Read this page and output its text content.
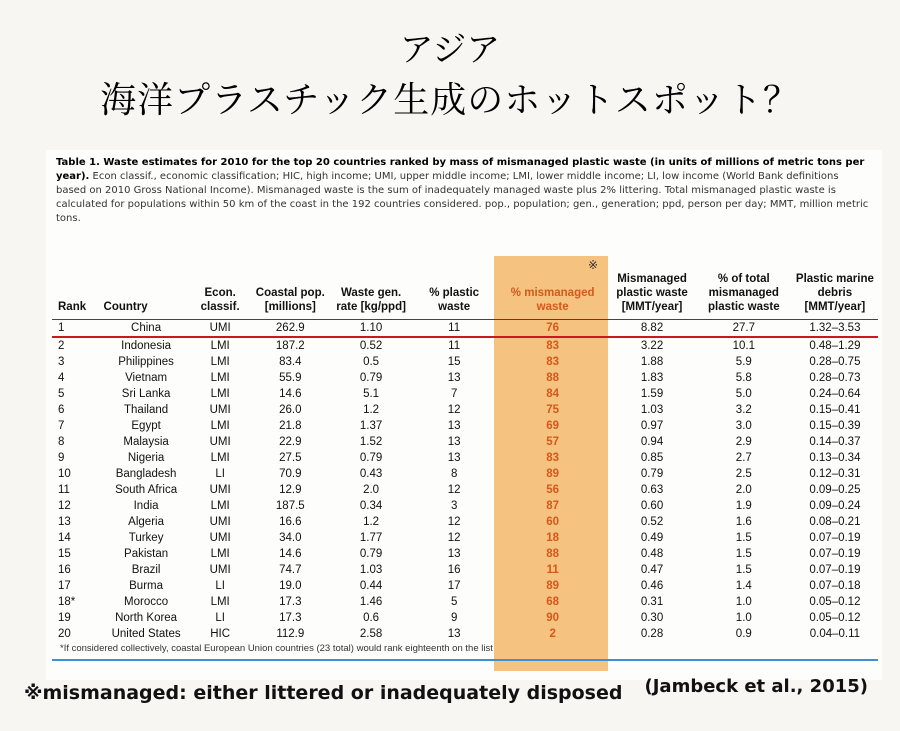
アジア
海洋プラスチック生成のホットスポット？
Table 1. Waste estimates for 2010 for the top 20 countries ranked by mass of mismanaged plastic waste (in units of millions of metric tons per year). Econ classif., economic classification; HIC, high income; UMI, upper middle income; LMI, lower middle income; LI, low income (World Bank definitions based on 2010 Gross National Income). Mismanaged waste is the sum of inadequately managed waste plus 2% littering. Total mismanaged plastic waste is calculated for populations within 50 km of the coast in the 192 countries considered. pop., population; gen., generation; ppd, person per day; MMT, million metric tons.
※
Rank	Country	Econ. classif.	Coastal pop. [millions]	Waste gen. rate [kg/ppd]	% plastic waste	% mismanaged waste	Mismanaged plastic waste [MMT/year]	% of total mismanaged plastic waste	Plastic marine debris [MMT/year]
1	China	UMI	262.9	1.10	11	76	8.82	27.7	1.32–3.53
2	Indonesia	LMI	187.2	0.52	11	83	3.22	10.1	0.48–1.29
3	Philippines	LMI	83.4	0.5	15	83	1.88	5.9	0.28–0.75
4	Vietnam	LMI	55.9	0.79	13	88	1.83	5.8	0.28–0.73
5	Sri Lanka	LMI	14.6	5.1	7	84	1.59	5.0	0.24–0.64
6	Thailand	UMI	26.0	1.2	12	75	1.03	3.2	0.15–0.41
7	Egypt	LMI	21.8	1.37	13	69	0.97	3.0	0.15–0.39
8	Malaysia	UMI	22.9	1.52	13	57	0.94	2.9	0.14–0.37
9	Nigeria	LMI	27.5	0.79	13	83	0.85	2.7	0.13–0.34
10	Bangladesh	LI	70.9	0.43	8	89	0.79	2.5	0.12–0.31
11	South Africa	UMI	12.9	2.0	12	56	0.63	2.0	0.09–0.25
12	India	LMI	187.5	0.34	3	87	0.60	1.9	0.09–0.24
13	Algeria	UMI	16.6	1.2	12	60	0.52	1.6	0.08–0.21
14	Turkey	UMI	34.0	1.77	12	18	0.49	1.5	0.07–0.19
15	Pakistan	LMI	14.6	0.79	13	88	0.48	1.5	0.07–0.19
16	Brazil	UMI	74.7	1.03	16	11	0.47	1.5	0.07–0.19
17	Burma	LI	19.0	0.44	17	89	0.46	1.4	0.07–0.18
18*	Morocco	LMI	17.3	1.46	5	68	0.31	1.0	0.05–0.12
19	North Korea	LI	17.3	0.6	9	90	0.30	1.0	0.05–0.12
20	United States	HIC	112.9	2.58	13	2	0.28	0.9	0.04–0.11
*If considered collectively, coastal European Union countries (23 total) would rank eighteenth on the list
※mismanaged: either littered or inadequately disposed (Jambeck et al., 2015)
